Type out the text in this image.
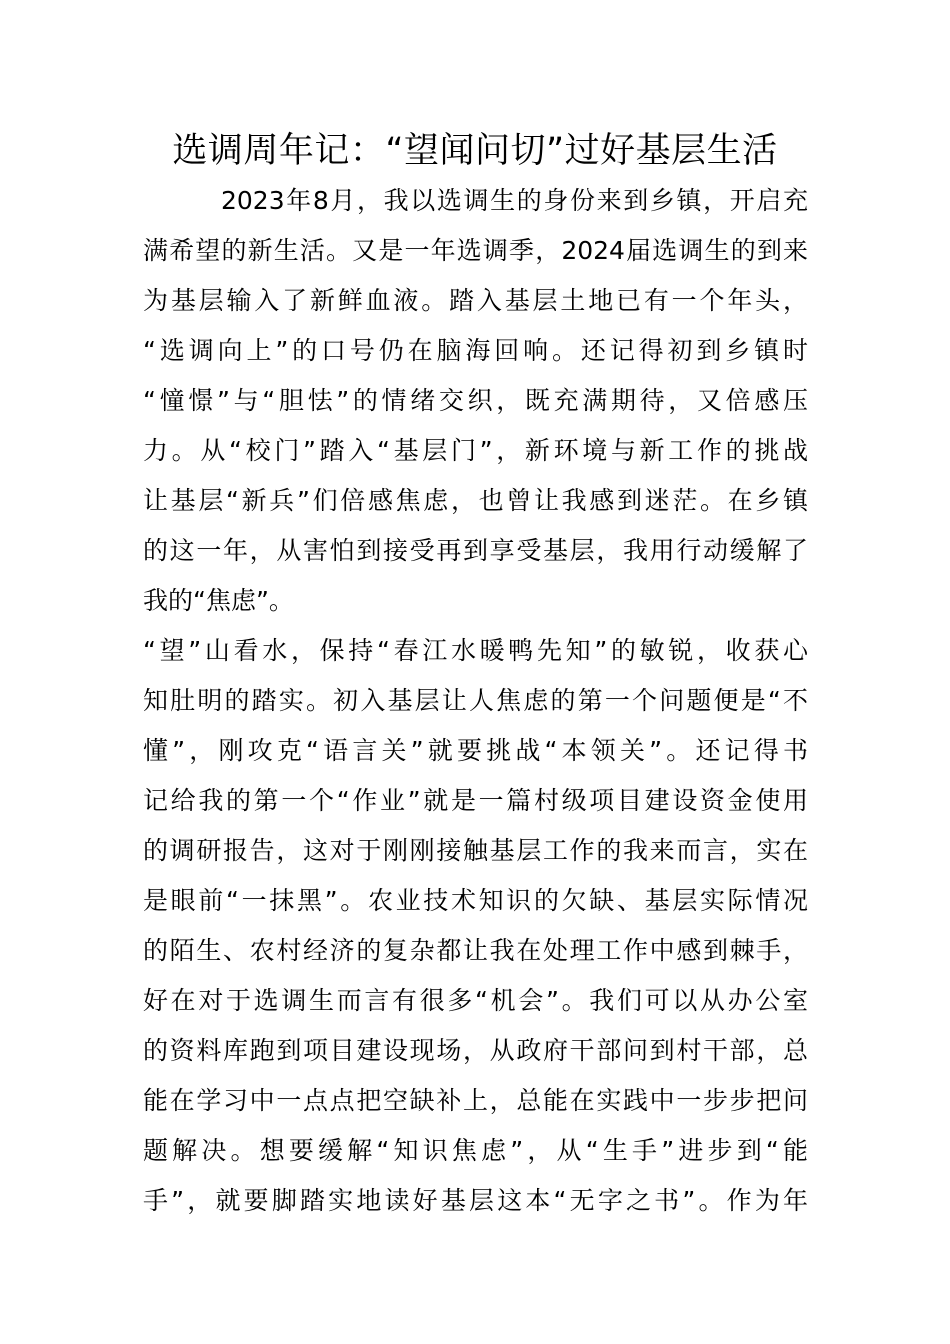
选调周年记：“望闻问切”过好基层生活
2023年8月，我以选调生的身份来到乡镇，开启充
满希望的新生活。又是一年选调季，2024届选调生的到来
为基层输入了新鲜血液。踏入基层土地已有一个年头，
“选调向上”的口号仍在脑海回响。还记得初到乡镇时
“憧憬”与“胆怯”的情绪交织，既充满期待，又倍感压
力。从“校门”踏入“基层门”，新环境与新工作的挑战
让基层“新兵”们倍感焦虑，也曾让我感到迷茫。在乡镇
的这一年，从害怕到接受再到享受基层，我用行动缓解了
我的“焦虑”。
“望”山看水，保持“春江水暖鸭先知”的敏锐，收获心
知肚明的踏实。初入基层让人焦虑的第一个问题便是“不
懂”，刚攻克“语言关”就要挑战“本领关”。还记得书
记给我的第一个“作业”就是一篇村级项目建设资金使用
的调研报告，这对于刚刚接触基层工作的我来而言，实在
是眼前“一抹黑”。农业技术知识的欠缺、基层实际情况
的陌生、农村经济的复杂都让我在处理工作中感到棘手，
好在对于选调生而言有很多“机会”。我们可以从办公室
的资料库跑到项目建设现场，从政府干部问到村干部，总
能在学习中一点点把空缺补上，总能在实践中一步步把问
题解决。想要缓解“知识焦虑”，从“生手”进步到“能
手”，就要脚踏实地读好基层这本“无字之书”。作为年
